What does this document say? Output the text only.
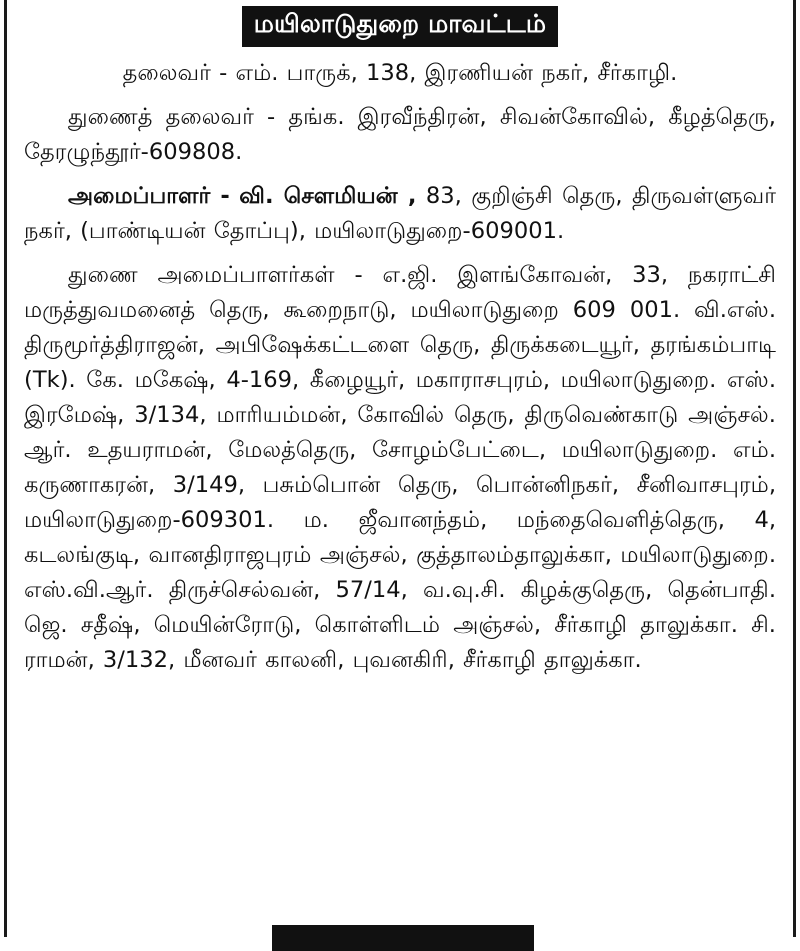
மயிலாடுதுறை மாவட்டம்

தலைவர் - எம். பாருக், 138, இரணியன் நகர், சீர்காழி.

துணைத் தலைவர் - தங்க. இரவீந்திரன், சிவன்கோவில், கீழத்தெரு, தேரழுந்தூர்-609808.

அமைப்பாளர் - வி. செளமியன் , 83, குறிஞ்சி தெரு, திருவள்ளுவர் நகர், (பாண்டியன் தோப்பு), மயிலாடுதுறை-609001.

துணை அமைப்பாளர்கள் - எ.ஜி. இளங்கோவன், 33, நகராட்சி மருத்துவமனைத் தெரு, கூறைநாடு, மயிலாடுதுறை 609 001. வி.எஸ். திருமூர்த்திராஜன், அபிஷேக்கட்டளை தெரு, திருக்கடையூர், தரங்கம்பாடி (Tk). கே. மகேஷ், 4-169, கீழையூர், மகாராசபுரம், மயிலாடுதுறை. எஸ். இரமேஷ், 3/134, மாரியம்மன், கோவில் தெரு, திருவெண்காடு அஞ்சல். ஆர். உதயராமன், மேலத்தெரு, சோழம்பேட்டை, மயிலாடுதுறை. எம். கருணாகரன், 3/149, பசும்பொன் தெரு, பொன்னிநகர், சீனிவாசபுரம், மயிலாடுதுறை-609301. ம. ஜீவானந்தம், மந்தைவெளித்தெரு, 4, கடலங்குடி, வானதிராஜபுரம் அஞ்சல், குத்தாலம்தாலுக்கா, மயிலாடுதுறை. எஸ்.வி.ஆர். திருச்செல்வன், 57/14, வ.வு.சி. கிழக்குதெரு, தென்பாதி. ஜெ. சதீஷ், மெயின்ரோடு, கொள்ளிடம் அஞ்சல், சீர்காழி தாலுக்கா. சி. ராமன், 3/132, மீனவர் காலனி, புவனகிரி, சீர்காழி தாலுக்கா.
